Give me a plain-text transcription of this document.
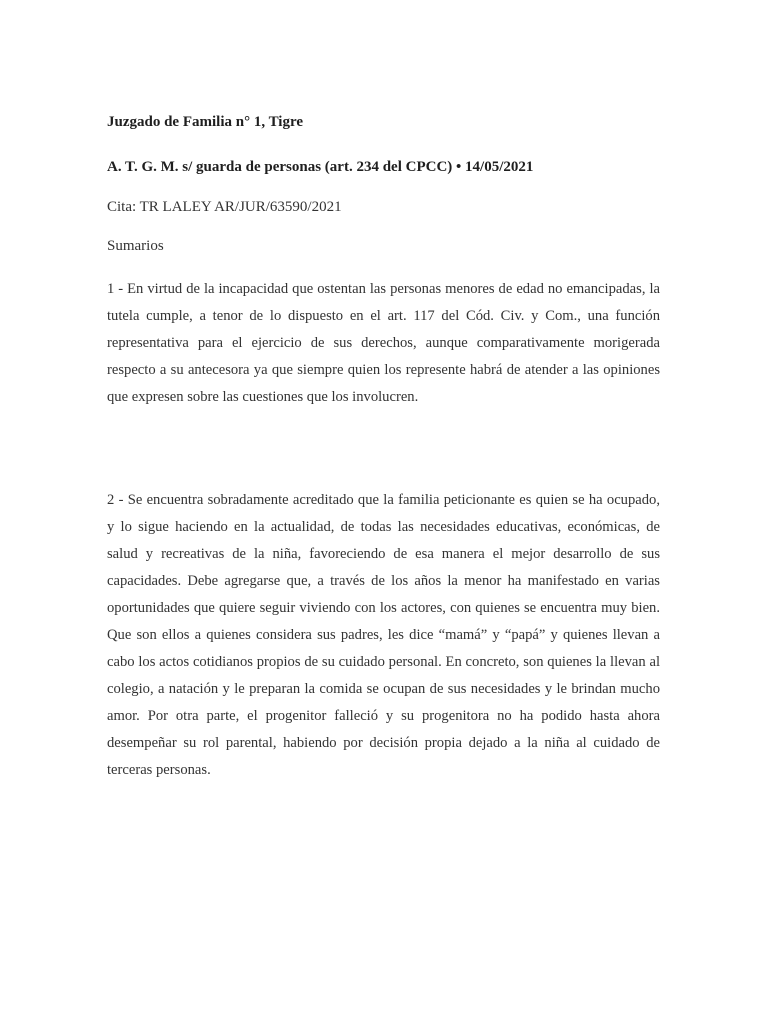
Juzgado de Familia n° 1, Tigre
A. T. G. M. s/ guarda de personas (art. 234 del CPCC) • 14/05/2021
Cita: TR LALEY AR/JUR/63590/2021
Sumarios

1 - En virtud de la incapacidad que ostentan las personas menores de edad no emancipadas, la tutela cumple, a tenor de lo dispuesto en el art. 117 del Cód. Civ. y Com., una función representativa para el ejercicio de sus derechos, aunque comparativamente morigerada respecto a su antecesora ya que siempre quien los represente habrá de atender a las opiniones que expresen sobre las cuestiones que los involucren.

2 - Se encuentra sobradamente acreditado que la familia peticionante es quien se ha ocupado, y lo sigue haciendo en la actualidad, de todas las necesidades educativas, económicas, de salud y recreativas de la niña, favoreciendo de esa manera el mejor desarrollo de sus capacidades. Debe agregarse que, a través de los años la menor ha manifestado en varias oportunidades que quiere seguir viviendo con los actores, con quienes se encuentra muy bien. Que son ellos a quienes considera sus padres, les dice “mamá” y “papá” y quienes llevan a cabo los actos cotidianos propios de su cuidado personal. En concreto, son quienes la llevan al colegio, a natación y le preparan la comida se ocupan de sus necesidades y le brindan mucho amor. Por otra parte, el progenitor falleció y su progenitora no ha podido hasta ahora desempeñar su rol parental, habiendo por decisión propia dejado a la niña al cuidado de terceras personas.
